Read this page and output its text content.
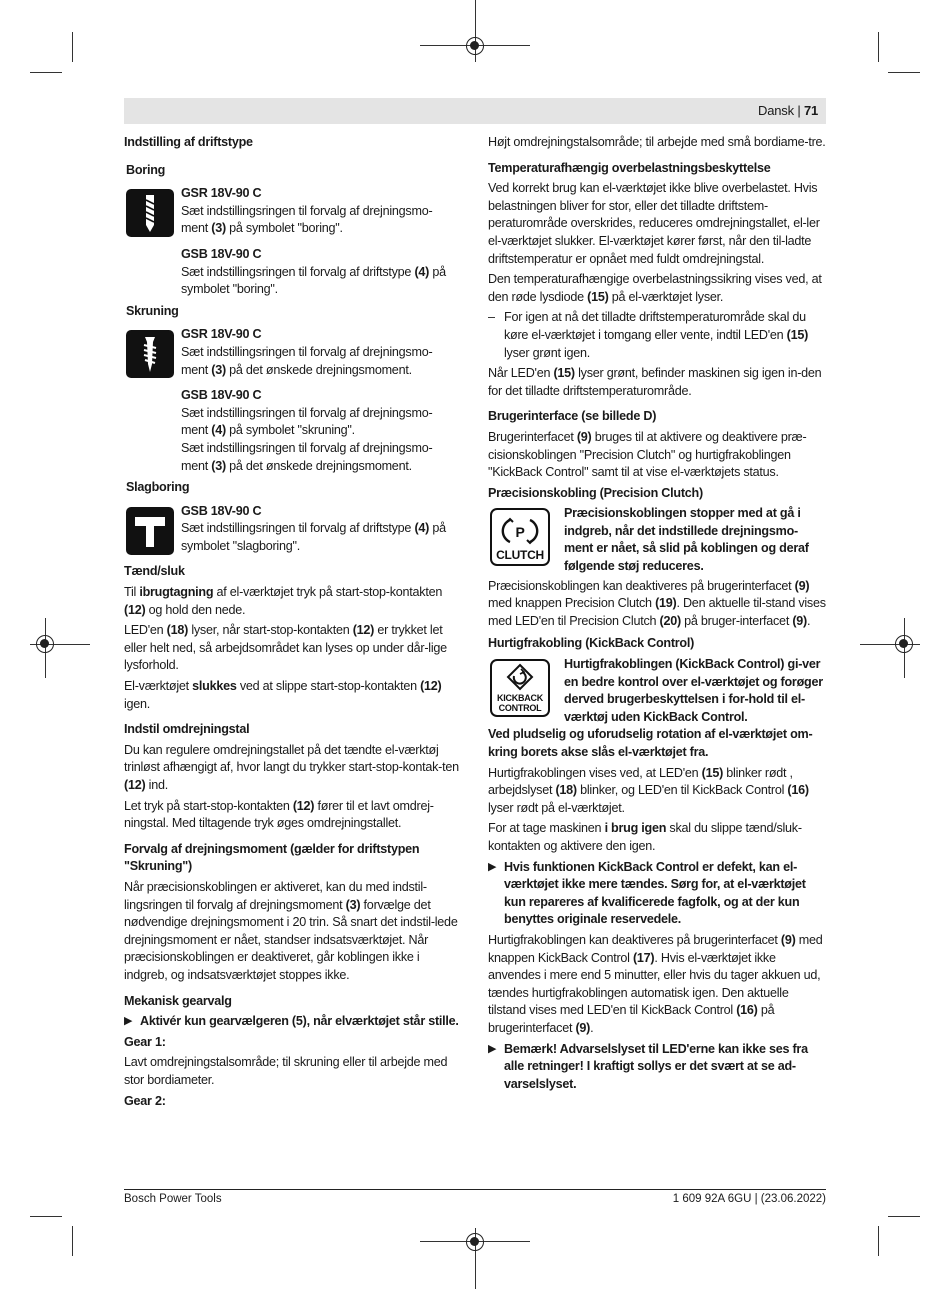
Dansk | 71
Indstilling af driftstype
Boring
GSR 18V-90 C
Sæt indstillingsringen til forvalg af drejningsmo- ment (3) på symbolet "boring".
GSB 18V-90 C
Sæt indstillingsringen til forvalg af driftstype (4) på symbolet "boring".
Skruning
GSR 18V-90 C
Sæt indstillingsringen til forvalg af drejningsmo- ment (3) på det ønskede drejningsmoment.
GSB 18V-90 C
Sæt indstillingsringen til forvalg af drejningsmo- ment (4) på symbolet "skruning".
Sæt indstillingsringen til forvalg af drejningsmo- ment (3) på det ønskede drejningsmoment.
Slagboring
GSB 18V-90 C
Sæt indstillingsringen til forvalg af driftstype (4) på symbolet "slagboring".
Tænd/sluk

Til ibrugtagning af el-værktøjet tryk på start-stop-kontakten (12) og hold den nede.

LED'en (18) lyser, når start-stop-kontakten (12) er trykket let eller helt ned, så arbejdsområdet kan lyses op under dår-lige lysforhold.

El-værktøjet slukkes ved at slippe start-stop-kontakten (12) igen.

Indstil omdrejningstal

Du kan regulere omdrejningstallet på det tændte el-værktøj trinløst afhængigt af, hvor langt du trykker start-stop-kontak-ten (12) ind.

Let tryk på start-stop-kontakten (12) fører til et lavt omdrej-ningstal. Med tiltagende tryk øges omdrejningstallet.

Forvalg af drejningsmoment (gælder for driftstypen "Skruning")

Når præcisionskoblingen er aktiveret, kan du med indstil-lingsringen til forvalg af drejningsmoment (3) forvælge det nødvendige drejningsmoment i 20 trin. Så snart det indstil-lede drejningsmoment er nået, standser indsatsværktøjet. Når præcisionskoblingen er deaktiveret, går koblingen ikke i indgreb, og indsatsværktøjet stoppes ikke.

Mekanisk gearvalg
▶ Aktivér kun gearvælgeren (5), når elværktøjet står stille.
Gear 1:

Lavt omdrejningstalsområde; til skruning eller til arbejde med stor bordiameter.

Gear 2:

Højt omdrejningstalsområde; til arbejde med små bordiame-tre.

Temperaturafhængig overbelastningsbeskyttelse

Ved korrekt brug kan el-værktøjet ikke blive overbelastet. Hvis belastningen bliver for stor, eller det tilladte driftstem-peraturområde overskrides, reduceres omdrejningstallet, el-ler el-værktøjet slukker. El-værktøjet kører først, når den til-ladte driftstemperatur er opnået med fuldt omdrejningstal.

Den temperaturafhængige overbelastningssikring vises ved, at den røde lysdiode (15) på el-værktøjet lyser.

– For igen at nå det tilladte driftstemperaturområde skal du køre el-værktøjet i tomgang eller vente, indtil LED'en (15) lyser grønt igen.

Når LED'en (15) lyser grønt, befinder maskinen sig igen in-den for det tilladte driftstemperaturområde.

Brugerinterface (se billede D)

Brugerinterfacet (9) bruges til at aktivere og deaktivere præ-cisionskoblingen "Precision Clutch" og hurtigfrakoblingen "KickBack Control" samt til at vise el-værktøjets status.

Præcisionskobling (Precision Clutch)
P
CLUTCH
Præcisionskoblingen stopper med at gå i indgreb, når det indstillede drejningsmo-ment er nået, så slid på koblingen og deraf følgende støj reduceres.

Præcisionskoblingen kan deaktiveres på brugerinterfacet (9) med knappen Precision Clutch (19). Den aktuelle til-stand vises med LED'en til Precision Clutch (20) på bruger-interfacet (9).

Hurtigfrakobling (KickBack Control)
KICKBACK
CONTROL
Hurtigfrakoblingen (KickBack Control) gi-ver en bedre kontrol over el-værktøjet og forøger derved brugerbeskyttelsen i for-hold til el-værktøj uden KickBack Control.
Ved pludselig og uforudselig rotation af el-værktøjet om-kring borets akse slås el-værktøjet fra.

Hurtigfrakoblingen vises ved, at LED'en (15) blinker rødt , arbejdslyset (18) blinker, og LED'en til KickBack Control (16) lyser rødt på el-værktøjet.

For at tage maskinen i brug igen skal du slippe tænd/sluk-kontakten og aktivere den igen.

▶ Hvis funktionen KickBack Control er defekt, kan el-værktøjet ikke mere tændes. Sørg for, at el-værktøjet kun repareres af kvalificerede fagfolk, og at der kun benyttes originale reservedele.

Hurtigfrakoblingen kan deaktiveres på brugerinterfacet (9) med knappen KickBack Control (17). Hvis el-værktøjet ikke anvendes i mere end 5 minutter, eller hvis du tager akkuen ud, tændes hurtigfrakoblingen automatisk igen. Den aktuelle tilstand vises med LED'en til KickBack Control (16) på brugerinterfacet (9).

▶ Bemærk! Advarselslyset til LED'erne kan ikke ses fra alle retninger! I kraftigt sollys er det svært at se ad-varselslyset.
Bosch Power Tools	1 609 92A 6GU | (23.06.2022)
